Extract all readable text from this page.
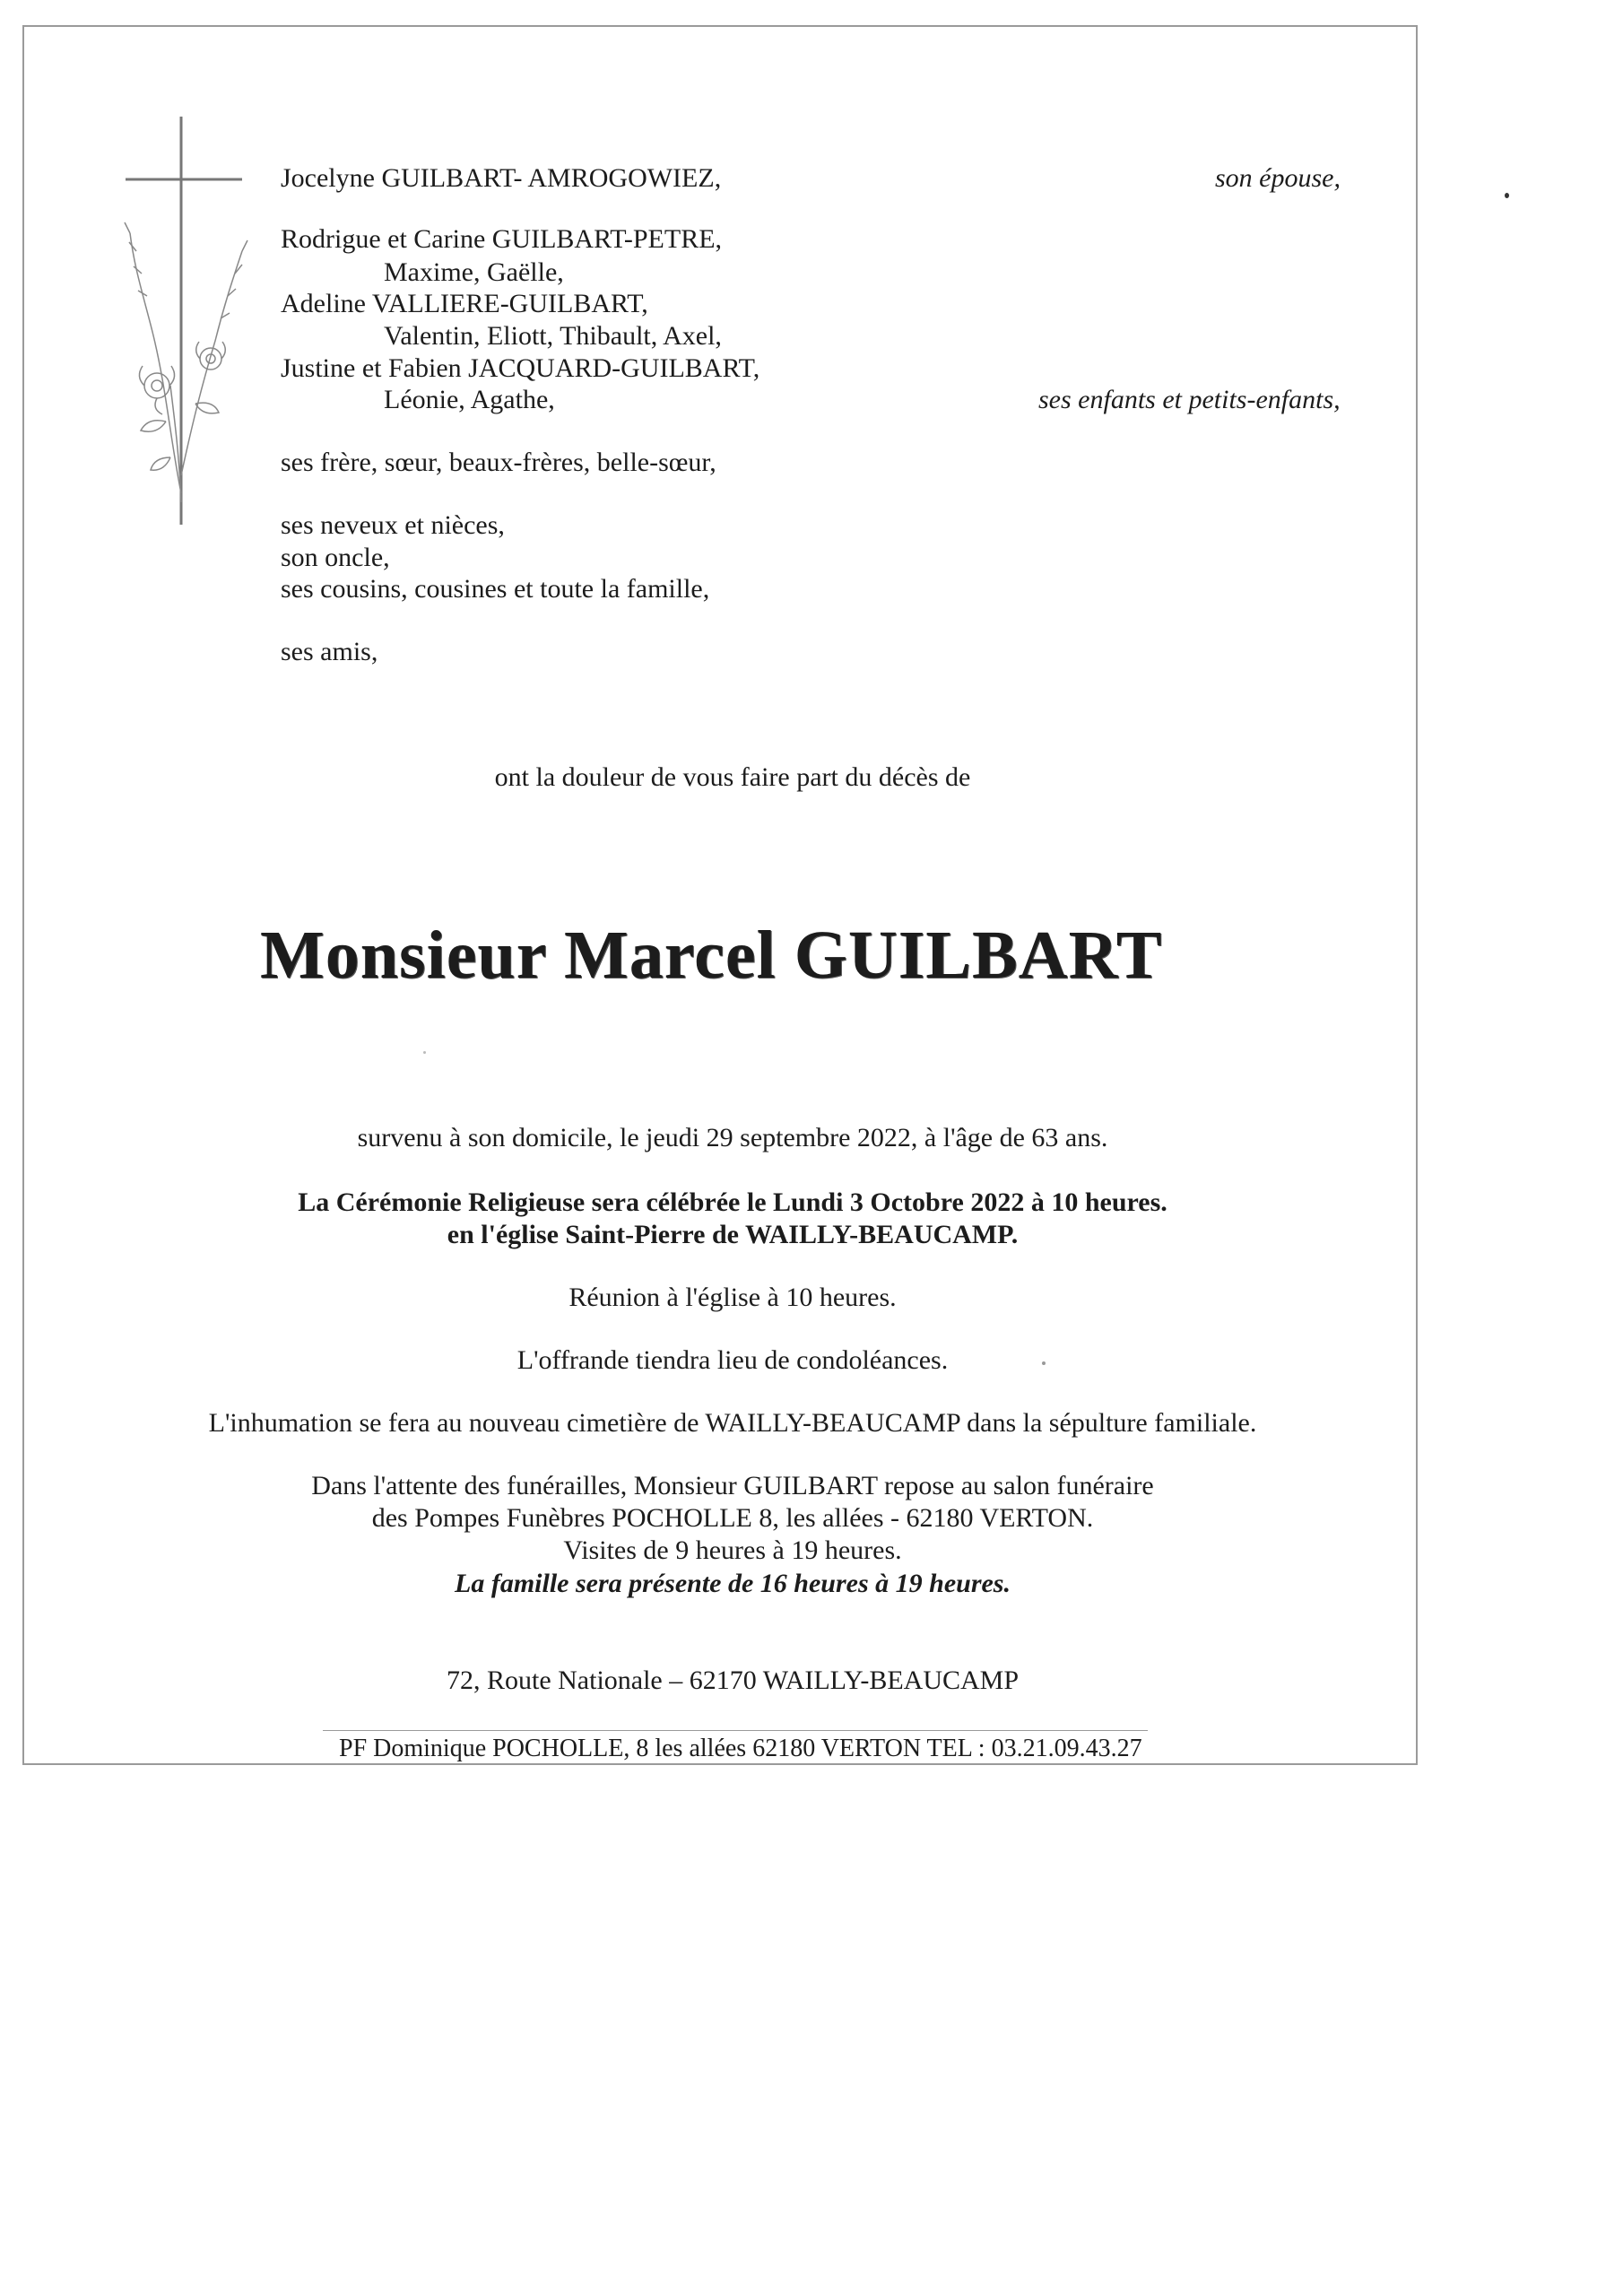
Jocelyne GUILBART- AMROGOWIEZ,	son épouse,
Rodrigue et Carine GUILBART-PETRE,
Maxime, Gaëlle,
Adeline VALLIERE-GUILBART,
Valentin, Eliott, Thibault, Axel,
Justine et Fabien JACQUARD-GUILBART,
Léonie, Agathe,	ses enfants et petits-enfants,
ses frère, sœur, beaux-frères, belle-sœur,
ses neveux et nièces,
son oncle,
ses cousins, cousines et toute la famille,
ses amis,
ont la douleur de vous faire part du décès de
Monsieur Marcel GUILBART
survenu à son domicile, le jeudi 29 septembre 2022, à l'âge de 63 ans.
La Cérémonie Religieuse sera célébrée le Lundi 3 Octobre 2022 à 10 heures.
en l'église Saint-Pierre de WAILLY-BEAUCAMP.
Réunion à l'église à 10 heures.
L'offrande tiendra lieu de condoléances.
L'inhumation se fera au nouveau cimetière de WAILLY-BEAUCAMP dans la sépulture familiale.
Dans l'attente des funérailles, Monsieur GUILBART repose au salon funéraire
des Pompes Funèbres POCHOLLE 8, les allées - 62180 VERTON.
Visites de 9 heures à 19 heures.
La famille sera présente de 16 heures à 19 heures.
72, Route Nationale – 62170 WAILLY-BEAUCAMP
PF Dominique POCHOLLE, 8 les allées 62180 VERTON TEL : 03.21.09.43.27
